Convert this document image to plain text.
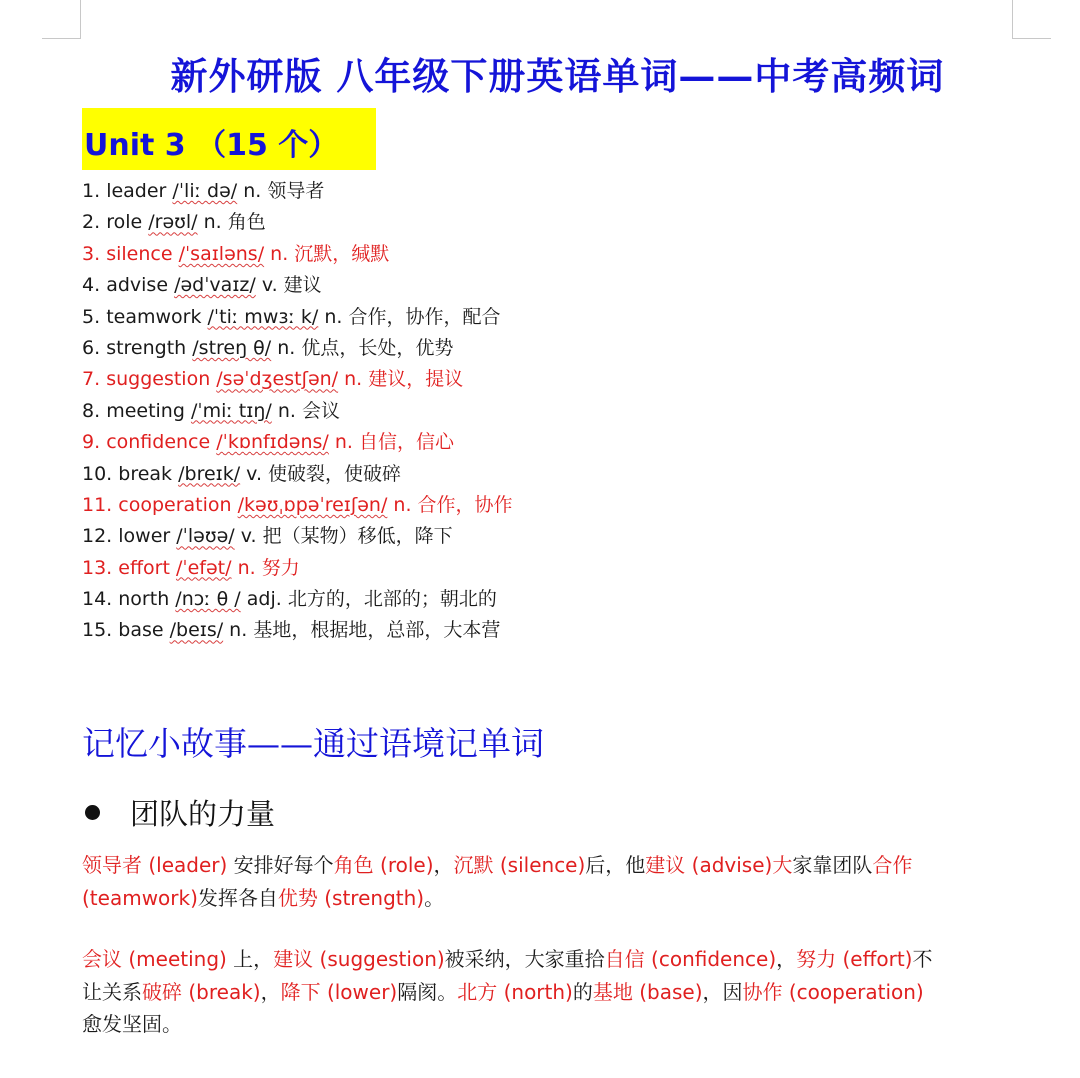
新外研版 八年级下册英语单词——中考高频词
Unit 3 （15 个）
1. leader /ˈliː də/ n. 领导者
2. role /rəʊl/ n. 角色
3. silence /ˈsaɪləns/ n. 沉默，缄默
4. advise /ədˈvaɪz/ v. 建议
5. teamwork /ˈtiː mwɜː k/ n. 合作，协作，配合
6. strength /streŋ θ/ n. 优点，长处，优势
7. suggestion /səˈdʒestʃən/ n. 建议，提议
8. meeting /ˈmiː tɪŋ/ n. 会议
9. confidence /ˈkɒnfɪdəns/ n. 自信，信心
10. break /breɪk/ v. 使破裂，使破碎
11. cooperation /kəʊˌɒpəˈreɪʃən/ n. 合作，协作
12. lower /ˈləʊə/ v. 把（某物）移低，降下
13. effort /ˈefət/ n. 努力
14. north /nɔː θ / adj. 北方的，北部的；朝北的
15. base /beɪs/ n. 基地，根据地，总部，大本营
记忆小故事——通过语境记单词
团队的力量
领导者 (leader) 安排好每个角色 (role)，沉默 (silence)后，他建议 (advise)大家靠团队合作
(teamwork)发挥各自优势 (strength)。
会议 (meeting) 上，建议 (suggestion)被采纳，大家重拾自信 (confidence)，努力 (effort)不
让关系破碎 (break)，降下 (lower)隔阂。北方 (north)的基地 (base)，因协作 (cooperation)
愈发坚固。
